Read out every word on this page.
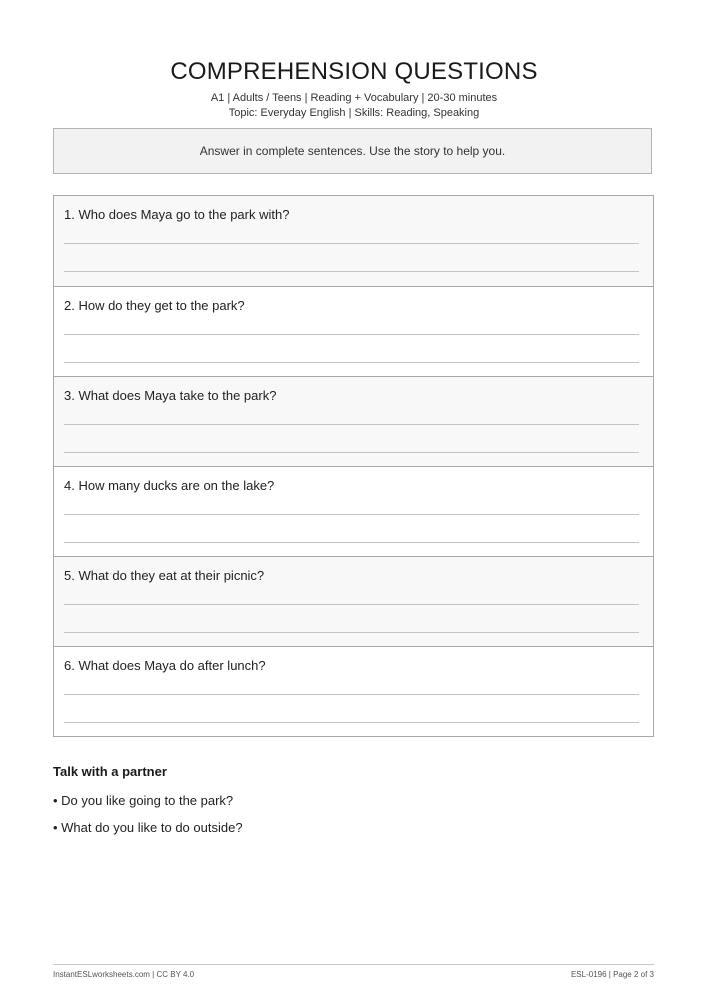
COMPREHENSION QUESTIONS
A1 | Adults / Teens | Reading + Vocabulary | 20-30 minutes
Topic: Everyday English | Skills: Reading, Speaking
Answer in complete sentences. Use the story to help you.
1. Who does Maya go to the park with?
2. How do they get to the park?
3. What does Maya take to the park?
4. How many ducks are on the lake?
5. What do they eat at their picnic?
6. What does Maya do after lunch?
Talk with a partner
• Do you like going to the park?
• What do you like to do outside?
InstantESLworksheets.com | CC BY 4.0	ESL-0196 | Page 2 of 3
